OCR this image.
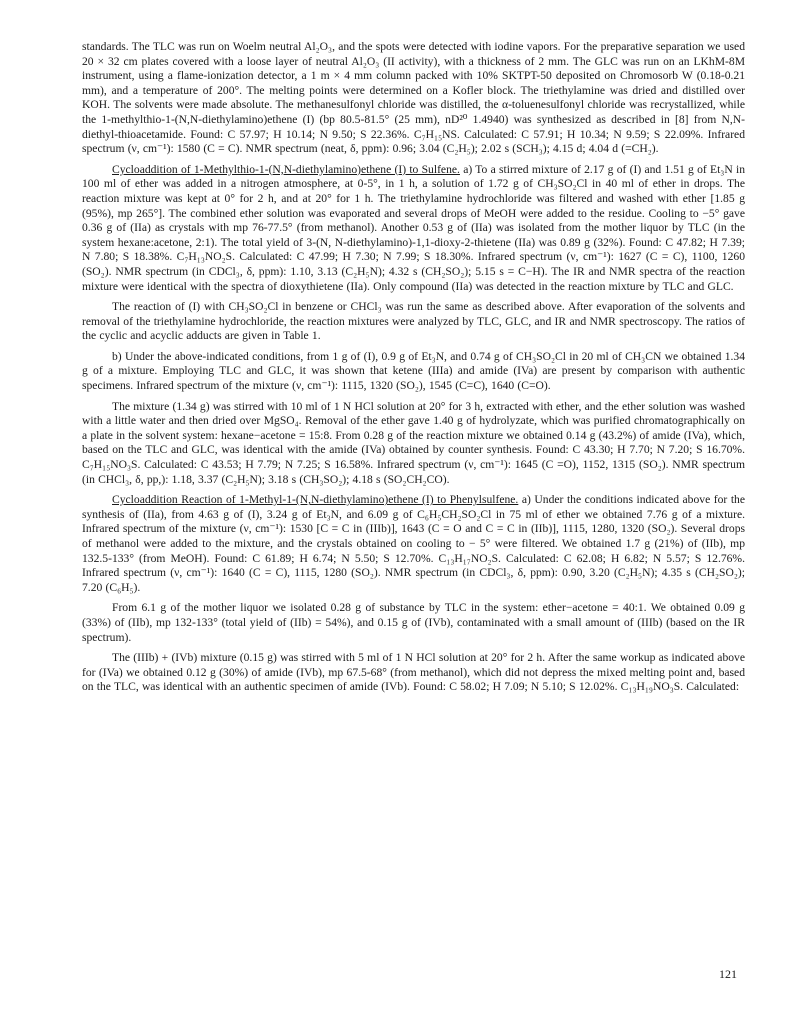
standards. The TLC was run on Woelm neutral Al₂O₃, and the spots were detected with iodine vapors. For the preparative separation we used 20 × 32 cm plates covered with a loose layer of neutral Al₂O₃ (II activity), with a thickness of 2 mm. The GLC was run on an LKhM-8M instrument, using a flame-ionization detector, a 1 m × 4 mm column packed with 10% SKTPT-50 deposited on Chromosorb W (0.18-0.21 mm), and a temperature of 200°. The melting points were determined on a Kofler block. The triethylamine was dried and distilled over KOH. The solvents were made absolute. The methanesulfonyl chloride was distilled, the α-toluenesulfonyl chloride was recrystallized, while the 1-methylthio-1-(N,N-diethylamino)ethene (I) (bp 80.5-81.5° (25 mm), nD²⁰ 1.4940) was synthesized as described in [8] from N,N-diethyl-thioacetamide. Found: C 57.97; H 10.14; N 9.50; S 22.36%. C₇H₁₅NS. Calculated: C 57.91; H 10.34; N 9.59; S 22.09%. Infrared spectrum (ν, cm⁻¹): 1580 (C = C). NMR spectrum (neat, δ, ppm): 0.96; 3.04 (C₂H₅); 2.02 s (SCH₃); 4.15 d; 4.04 d (=CH₂).

Cycloaddition of 1-Methylthio-1-(N,N-diethylamino)ethene (I) to Sulfene. a) To a stirred mixture of 2.17 g of (I) and 1.51 g of Et₃N in 100 ml of ether was added in a nitrogen atmosphere, at 0-5°, in 1 h, a solution of 1.72 g of CH₃SO₂Cl in 40 ml of ether in drops. The reaction mixture was kept at 0° for 2 h, and at 20° for 1 h. The triethylamine hydrochloride was filtered and washed with ether [1.85 g (95%), mp 265°]. The combined ether solution was evaporated and several drops of MeOH were added to the residue. Cooling to −5° gave 0.36 g of (IIa) as crystals with mp 76-77.5° (from methanol). Another 0.53 g of (IIa) was isolated from the mother liquor by TLC (in the system hexane:acetone, 2:1). The total yield of 3-(N, N-diethylamino)-1,1-dioxy-2-thietene (IIa) was 0.89 g (32%). Found: C 47.82; H 7.39; N 7.80; S 18.38%. C₇H₁₃NO₂S. Calculated: C 47.99; H 7.30; N 7.99; S 18.30%. Infrared spectrum (ν, cm⁻¹): 1627 (C = C), 1100, 1260 (SO₂). NMR spectrum (in CDCl₃, δ, ppm): 1.10, 3.13 (C₂H₅N); 4.32 s (CH₂SO₂); 5.15 s = C−H). The IR and NMR spectra of the reaction mixture were identical with the spectra of dioxythietene (IIa). Only compound (IIa) was detected in the reaction mixture by TLC and GLC.

The reaction of (I) with CH₃SO₂Cl in benzene or CHCl₃ was run the same as described above. After evaporation of the solvents and removal of the triethylamine hydrochloride, the reaction mixtures were analyzed by TLC, GLC, and IR and NMR spectroscopy. The ratios of the cyclic and acyclic adducts are given in Table 1.

b) Under the above-indicated conditions, from 1 g of (I), 0.9 g of Et₃N, and 0.74 g of CH₃SO₂Cl in 20 ml of CH₃CN we obtained 1.34 g of a mixture. Employing TLC and GLC, it was shown that ketene (IIIa) and amide (IVa) are present by comparison with authentic specimens. Infrared spectrum of the mixture (ν, cm⁻¹): 1115, 1320 (SO₂), 1545 (C=C), 1640 (C=O).

The mixture (1.34 g) was stirred with 10 ml of 1 N HCl solution at 20° for 3 h, extracted with ether, and the ether solution was washed with a little water and then dried over MgSO₄. Removal of the ether gave 1.40 g of hydrolyzate, which was purified chromatographically on a plate in the solvent system: hexane−acetone = 15:8. From 0.28 g of the reaction mixture we obtained 0.14 g (43.2%) of amide (IVa), which, based on the TLC and GLC, was identical with the amide (IVa) obtained by counter synthesis. Found: C 43.30; H 7.70; N 7.20; S 16.70%. C₇H₁₅NO₃S. Calculated: C 43.53; H 7.79; N 7.25; S 16.58%. Infrared spectrum (ν, cm⁻¹): 1645 (C =O), 1152, 1315 (SO₂). NMR spectrum (in CHCl₃, δ, pp,): 1.18, 3.37 (C₂H₅N); 3.18 s (CH₃SO₂); 4.18 s (SO₂CH₂CO).

Cycloaddition Reaction of 1-Methyl-1-(N,N-diethylamino)ethene (I) to Phenylsulfene. a) Under the conditions indicated above for the synthesis of (IIa), from 4.63 g of (I), 3.24 g of Et₃N, and 6.09 g of C₆H₅CH₂SO₂Cl in 75 ml of ether we obtained 7.76 g of a mixture. Infrared spectrum of the mixture (ν, cm⁻¹): 1530 [C = C in (IIIb)], 1643 (C = O and C = C in (IIb)], 1115, 1280, 1320 (SO₂). Several drops of methanol were added to the mixture, and the crystals obtained on cooling to − 5° were filtered. We obtained 1.7 g (21%) of (IIb), mp 132.5-133° (from MeOH). Found: C 61.89; H 6.74; N 5.50; S 12.70%. C₁₃H₁₇NO₂S. Calculated: C 62.08; H 6.82; N 5.57; S 12.76%. Infrared spectrum (ν, cm⁻¹): 1640 (C = C), 1115, 1280 (SO₂). NMR spectrum (in CDCl₃, δ, ppm): 0.90, 3.20 (C₂H₅N); 4.35 s (CH₂SO₂); 7.20 (C₆H₅).

From 6.1 g of the mother liquor we isolated 0.28 g of substance by TLC in the system: ether−acetone = 40:1. We obtained 0.09 g (33%) of (IIb), mp 132-133° (total yield of (IIb) = 54%), and 0.15 g of (IVb), contaminated with a small amount of (IIIb) (based on the IR spectrum).

The (IIIb) + (IVb) mixture (0.15 g) was stirred with 5 ml of 1 N HCl solution at 20° for 2 h. After the same workup as indicated above for (IVa) we obtained 0.12 g (30%) of amide (IVb), mp 67.5-68° (from methanol), which did not depress the mixed melting point and, based on the TLC, was identical with an authentic specimen of amide (IVb). Found: C 58.02; H 7.09; N 5.10; S 12.02%. C₁₃H₁₉NO₃S. Calculated:

121
